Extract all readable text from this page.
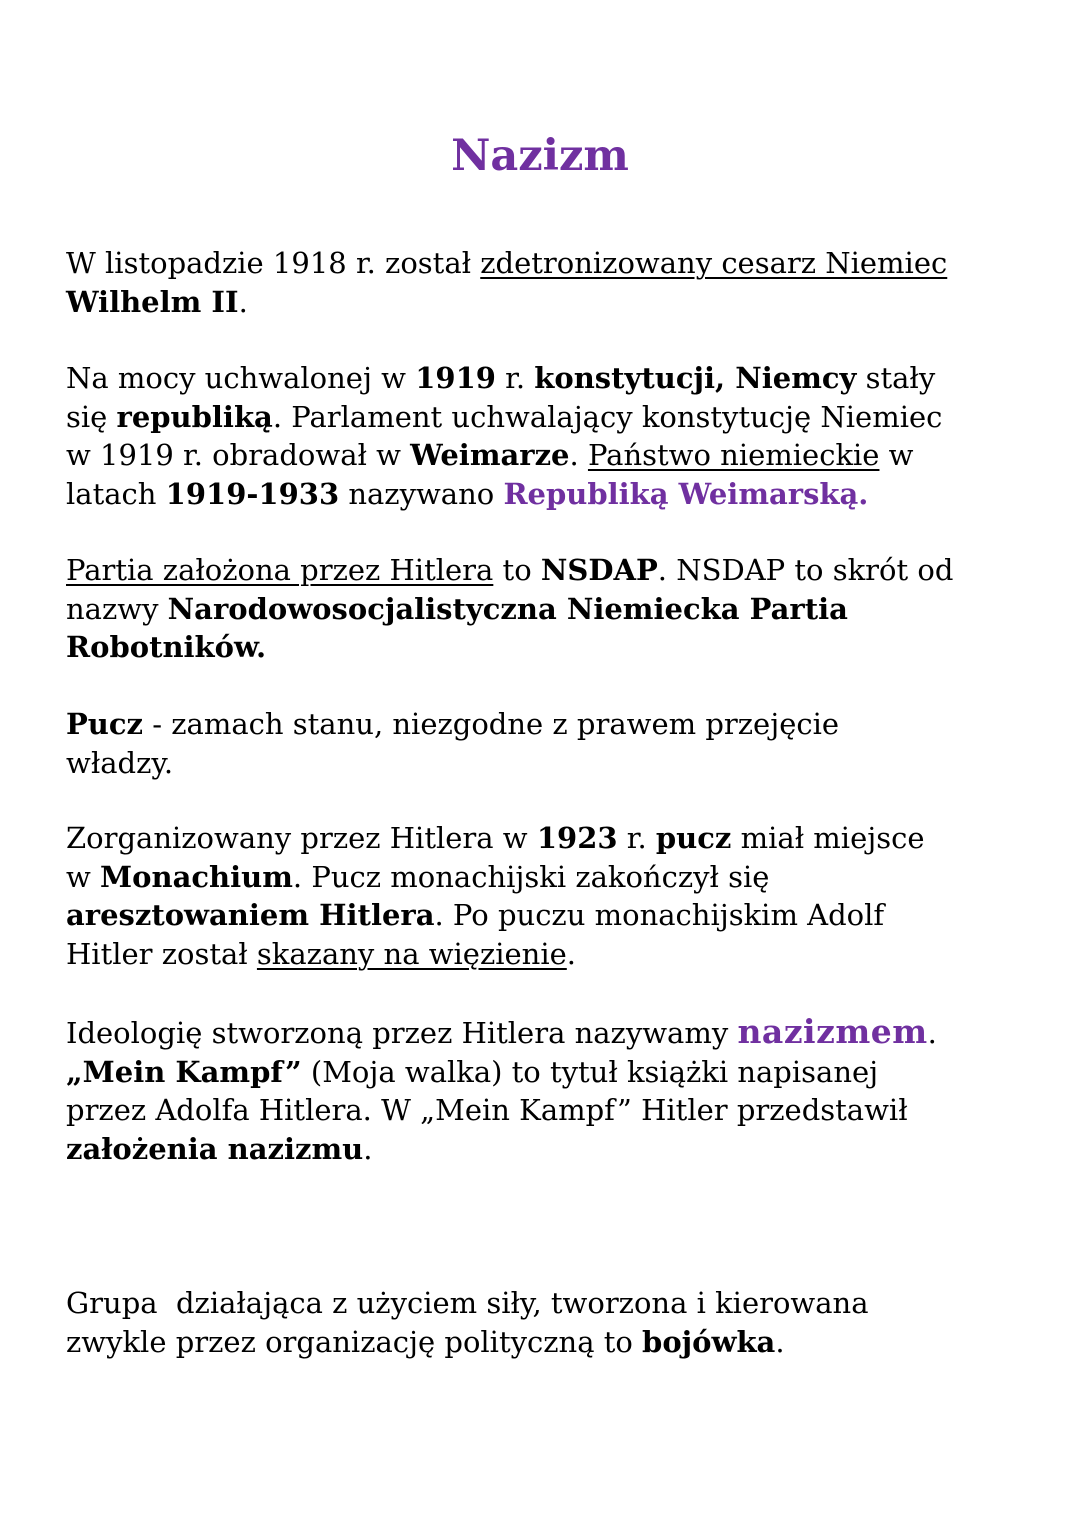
Nazizm

W listopadzie 1918 r. został zdetronizowany cesarz Niemiec
Wilhelm II.

Na mocy uchwalonej w 1919 r. konstytucji, Niemcy stały
się republiką. Parlament uchwalający konstytucję Niemiec
w 1919 r. obradował w Weimarze. Państwo niemieckie w
latach 1919-1933 nazywano Republiką Weimarską.

Partia założona przez Hitlera to NSDAP. NSDAP to skrót od
nazwy Narodowosocjalistyczna Niemiecka Partia
Robotników.

Pucz - zamach stanu, niezgodne z prawem przejęcie
władzy.

Zorganizowany przez Hitlera w 1923 r. pucz miał miejsce
w Monachium. Pucz monachijski zakończył się
aresztowaniem Hitlera. Po puczu monachijskim Adolf
Hitler został skazany na więzienie.

Ideologię stworzoną przez Hitlera nazywamy nazizmem.
„Mein Kampf” (Moja walka) to tytuł książki napisanej
przez Adolfa Hitlera. W „Mein Kampf” Hitler przedstawił
założenia nazizmu.

Grupa  działająca z użyciem siły, tworzona i kierowana
zwykle przez organizację polityczną to bojówka.
